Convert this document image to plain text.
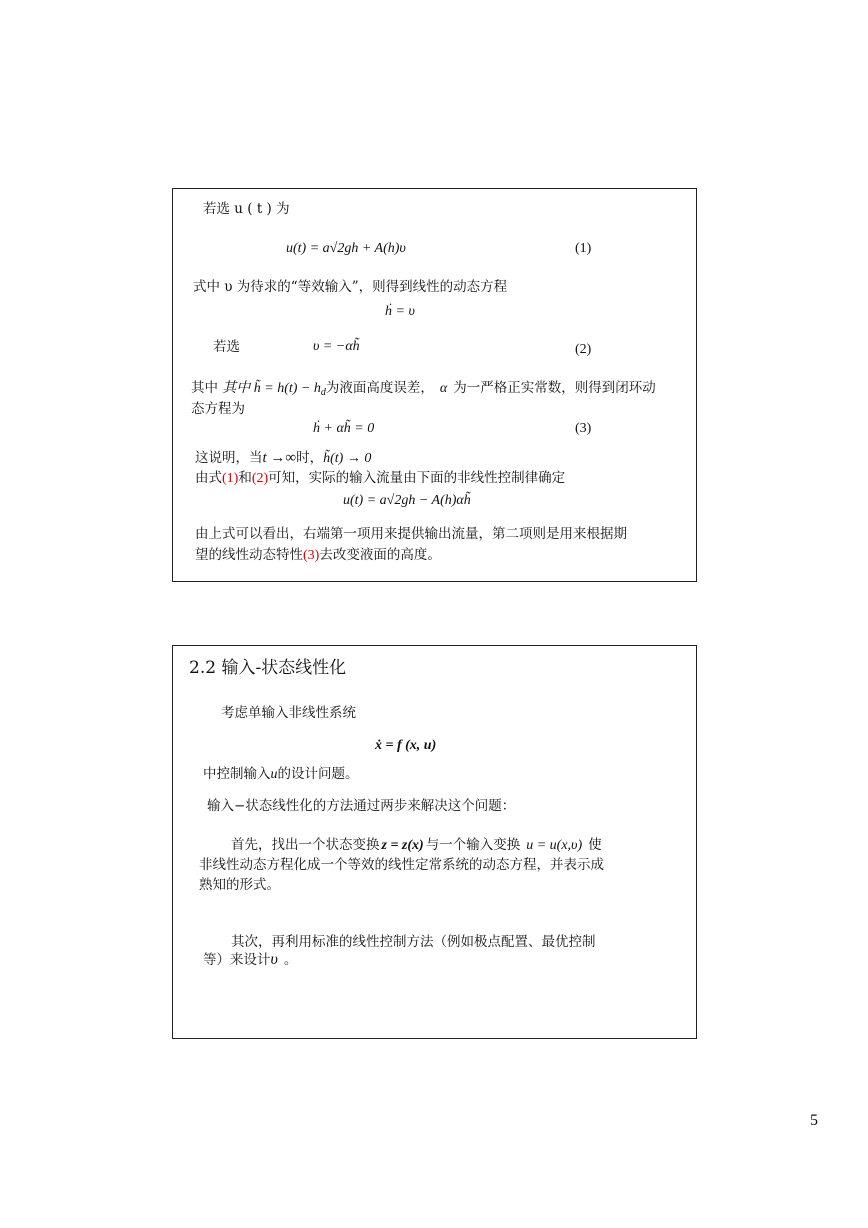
若选 u ( t ) 为
u(t) = a√2gh + A(h)υ	(1)
式中 υ 为待求的“等效输入”，则得到线性的动态方程
ḣ = υ
若选	υ = −αh̃	(2)
其中 其中 h̃ = $h(t) - h_d$为液面高度误差， α 为一严格正实常数，则得到闭环动
态方程为
ḣ + αh̃ = 0	(3)
这说明，当t →∞时，h̃(t) → 0
由式(1)和(2)可知，实际的输入流量由下面的非线性控制律确定
u(t) = a√2gh − A(h)αh̃
由上式可以看出，右端第一项用来提供输出流量，第二项则是用来根据期
望的线性动态特性(3)去改变液面的高度。
2.2 输入-状态线性化
考虑单输入非线性系统
ẋ = f (x, u)
中控制输入u的设计问题。
输入−状态线性化的方法通过两步来解决这个问题：
首先，找出一个状态变换 z = z(x) 与一个输入变换 u = u(x,υ) 使
非线性动态方程化成一个等效的线性定常系统的动态方程，并表示成
熟知的形式。
其次，再利用标准的线性控制方法（例如极点配置、最优控制
等）来设计υ 。
5
